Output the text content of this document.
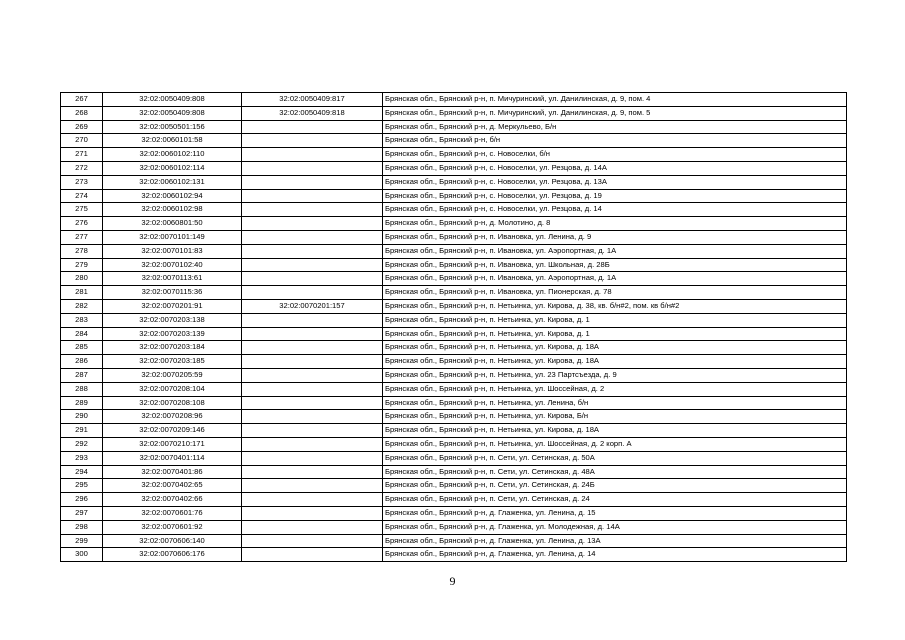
267	32:02:0050409:808	32:02:0050409:817	Брянская обл., Брянский р-н, п. Мичуринский, ул. Данилинская, д. 9, пом. 4
268	32:02:0050409:808	32:02:0050409:818	Брянская обл., Брянский р-н, п. Мичуринский, ул. Данилинская, д. 9, пом. 5
269	32:02:0050501:156		Брянская обл., Брянский р-н, д. Меркульево, Б/н
270	32:02:0060101:58		Брянская обл., Брянский р-н, б/н
271	32:02:0060102:110		Брянская обл., Брянский р-н, с. Новоселки, б/н
272	32:02:0060102:114		Брянская обл., Брянский р-н, с. Новоселки, ул. Резцова, д. 14А
273	32:02:0060102:131		Брянская обл., Брянский р-н, с. Новоселки, ул. Резцова, д. 13А
274	32:02:0060102:94		Брянская обл., Брянский р-н, с. Новоселки, ул. Резцова, д. 19
275	32:02:0060102:98		Брянская обл., Брянский р-н, с. Новоселки, ул. Резцова, д. 14
276	32:02:0060801:50		Брянская обл., Брянский р-н, д. Молотино, д. 8
277	32:02:0070101:149		Брянская обл., Брянский р-н, п. Ивановка, ул. Ленина, д. 9
278	32:02:0070101:83		Брянская обл., Брянский р-н, п. Ивановка, ул. Аэропортная, д. 1А
279	32:02:0070102:40		Брянская обл., Брянский р-н, п. Ивановка, ул. Школьная, д. 28Б
280	32:02:0070113:61		Брянская обл., Брянский р-н, п. Ивановка, ул. Аэропортная, д. 1А
281	32:02:0070115:36		Брянская обл., Брянский р-н, п. Ивановка, ул. Пионерская, д. 78
282	32:02:0070201:91	32:02:0070201:157	Брянская обл., Брянский р-н, п. Нетьинка, ул. Кирова, д. 38, кв. б/н#2, пом. кв б/н#2
283	32:02:0070203:138		Брянская обл., Брянский р-н, п. Нетьинка, ул. Кирова, д. 1
284	32:02:0070203:139		Брянская обл., Брянский р-н, п. Нетьинка, ул. Кирова, д. 1
285	32:02:0070203:184		Брянская обл., Брянский р-н, п. Нетьинка, ул. Кирова, д. 18А
286	32:02:0070203:185		Брянская обл., Брянский р-н, п. Нетьинка, ул. Кирова, д. 18А
287	32:02:0070205:59		Брянская обл., Брянский р-н, п. Нетьинка, ул. 23 Партсъезда, д. 9
288	32:02:0070208:104		Брянская обл., Брянский р-н, п. Нетьинка, ул. Шоссейная, д. 2
289	32:02:0070208:108		Брянская обл., Брянский р-н, п. Нетьинка, ул. Ленина, б/н
290	32:02:0070208:96		Брянская обл., Брянский р-н, п. Нетьинка, ул. Кирова, Б/н
291	32:02:0070209:146		Брянская обл., Брянский р-н, п. Нетьинка, ул. Кирова, д. 18А
292	32:02:0070210:171		Брянская обл., Брянский р-н, п. Нетьинка, ул. Шоссейная, д. 2 корп. А
293	32:02:0070401:114		Брянская обл., Брянский р-н, п. Сети, ул. Сетинская, д. 50А
294	32:02:0070401:86		Брянская обл., Брянский р-н, п. Сети, ул. Сетинская, д. 48А
295	32:02:0070402:65		Брянская обл., Брянский р-н, п. Сети, ул. Сетинская, д. 24Б
296	32:02:0070402:66		Брянская обл., Брянский р-н, п. Сети, ул. Сетинская, д. 24
297	32:02:0070601:76		Брянская обл., Брянский р-н, д. Глаженка, ул. Ленина, д. 15
298	32:02:0070601:92		Брянская обл., Брянский р-н, д. Глаженка, ул. Молодежная, д. 14А
299	32:02:0070606:140		Брянская обл., Брянский р-н, д. Глаженка, ул. Ленина, д. 13А
300	32:02:0070606:176		Брянская обл., Брянский р-н, д. Глаженка, ул. Ленина, д. 14
9
